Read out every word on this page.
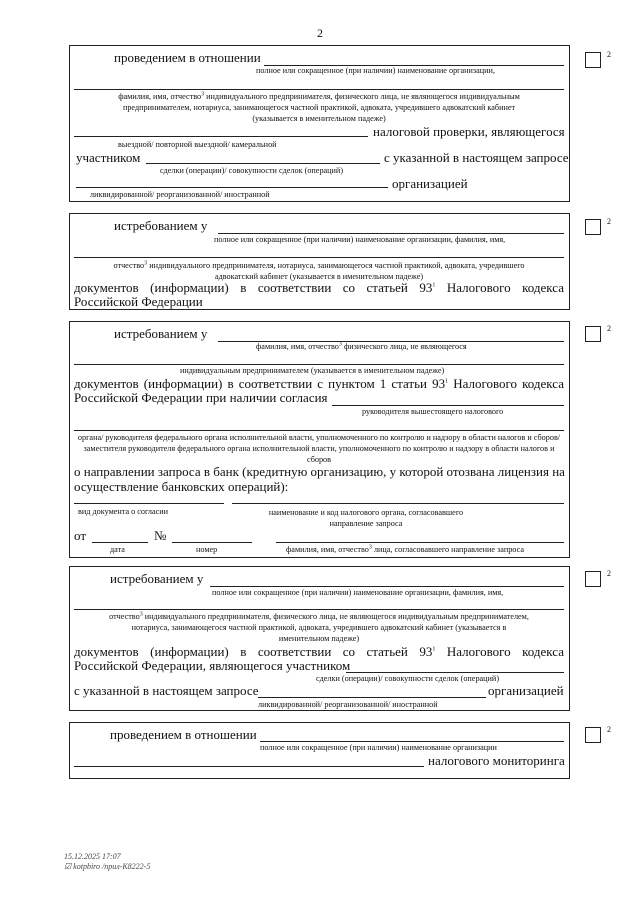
2
проведением в отношении
полное или сокращенное (при наличии) наименование организации,
фамилия, имя, отчество$^3$ индивидуального предпринимателя, физического лица, не являющегося индивидуальным
предпринимателем, нотариуса, занимающегося частной практикой, адвоката, учредившего адвокатский кабинет
(указывается в именительном падеже)
налоговой проверки, являющегося
выездной/ повторной выездной/ камеральной
участником	с указанной в настоящем запросе
сделки (операции)/ совокупности сделок (операций)
организацией
ликвидированной/ реорганизованной/ иностранной
2
истребованием у
полное или сокращенное (при наличии) наименование организации, фамилия, имя,
отчество$^3$ индивидуального предпринимателя, нотариуса, занимающегося частной практикой, адвоката, учредившего
адвокатский кабинет (указывается в именительном падеже)
документов (информации) в соответствии со статьей $93^1$ Налогового кодекса
Российской Федерации
2
истребованием у
фамилия, имя, отчество$^3$ физического лица, не являющегося
индивидуальным предпринимателем (указывается в именительном падеже)
документов (информации) в соответствии с пунктом 1 статьи $93^1$ Налогового кодекса
Российской Федерации при наличии согласия
руководителя вышестоящего налогового
органа/ руководителя федерального органа исполнительной власти, уполномоченного по контролю и надзору в области налогов и сборов/ заместителя руководителя федерального органа исполнительной власти, уполномоченного по контролю и надзору в области налогов и сборов
о направлении запроса в банк (кредитную организацию, у которой отозвана лицензия на
осуществление банковских операций):
вид документа о согласии	наименование и код налогового органа, согласовавшего направление запроса
от	№
дата	номер	фамилия, имя, отчество$^3$ лица, согласовавшего направление запроса
2
истребованием у
полное или сокращенное (при наличии) наименование организации, фамилия, имя,
отчество$^3$ индивидуального предпринимателя, физического лица, не являющегося индивидуальным предпринимателем,
нотариуса, занимающегося частной практикой, адвоката, учредившего адвокатский кабинет (указывается в
именительном падеже)
документов (информации) в соответствии со статьей $93^1$ Налогового кодекса
Российской Федерации, являющегося участником
сделки (операции)/ совокупности сделок (операций)
с указанной в настоящем запросе	организацией
ликвидированной/ реорганизованной/ иностранной
2
проведением в отношении
полное или сокращенное (при наличии) наименование организации
налогового мониторинга
2
15.12.2025 17:07
☑ kotpbiro /nрил-К8222-5
